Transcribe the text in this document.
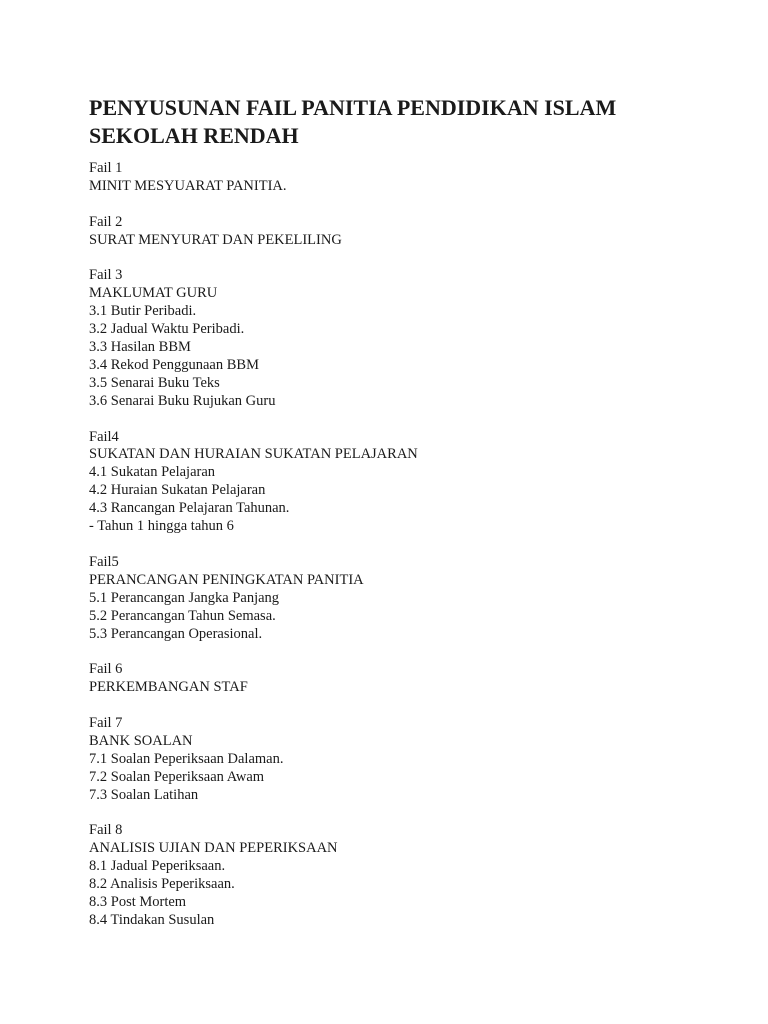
PENYUSUNAN FAIL PANITIA PENDIDIKAN ISLAM
SEKOLAH RENDAH
Fail 1
MINIT MESYUARAT PANITIA.
Fail 2
SURAT MENYURAT DAN PEKELILING
Fail 3
MAKLUMAT GURU
3.1 Butir Peribadi.
3.2 Jadual Waktu Peribadi.
3.3 Hasilan BBM
3.4 Rekod Penggunaan BBM
3.5 Senarai Buku Teks
3.6 Senarai Buku Rujukan Guru
Fail4
SUKATAN DAN HURAIAN SUKATAN PELAJARAN
4.1 Sukatan Pelajaran
4.2 Huraian Sukatan Pelajaran
4.3 Rancangan Pelajaran Tahunan.
- Tahun 1 hingga tahun 6
Fail5
PERANCANGAN PENINGKATAN PANITIA
5.1 Perancangan Jangka Panjang
5.2 Perancangan Tahun Semasa.
5.3 Perancangan Operasional.
Fail 6
PERKEMBANGAN STAF
Fail 7
BANK SOALAN
7.1 Soalan Peperiksaan Dalaman.
7.2 Soalan Peperiksaan Awam
7.3 Soalan Latihan
Fail 8
ANALISIS UJIAN DAN PEPERIKSAAN
8.1 Jadual Peperiksaan.
8.2 Analisis Peperiksaan.
8.3 Post Mortem
8.4 Tindakan Susulan
